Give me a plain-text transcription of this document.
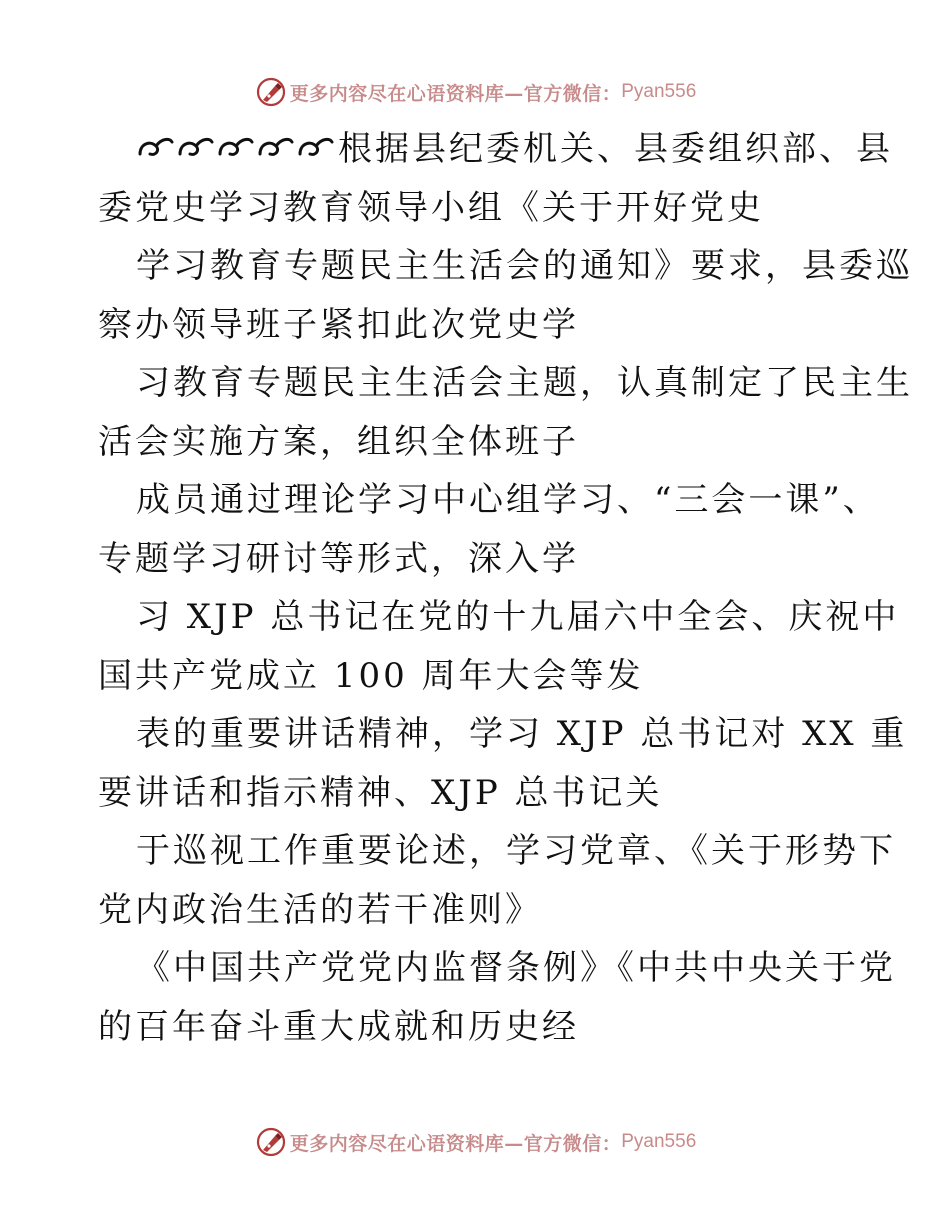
更多内容尽在心语资料库—官方微信： Pyan556
根据县纪委机关、县委组织部、县
委党史学习教育领导小组《关于开好党史
学习教育专题民主生活会的通知》要求，县委巡
察办领导班子紧扣此次党史学
习教育专题民主生活会主题，认真制定了民主生
活会实施方案，组织全体班子
成员通过理论学习中心组学习、“三会一课”、
专题学习研讨等形式，深入学
习 XJP 总书记在党的十九届六中全会、庆祝中
国共产党成立 100 周年大会等发
表的重要讲话精神，学习 XJP 总书记对 XX 重
要讲话和指示精神、XJP 总书记关
于巡视工作重要论述，学习党章、《关于形势下
党内政治生活的若干准则》
《中国共产党党内监督条例》《中共中央关于党
的百年奋斗重大成就和历史经
更多内容尽在心语资料库—官方微信： Pyan556
